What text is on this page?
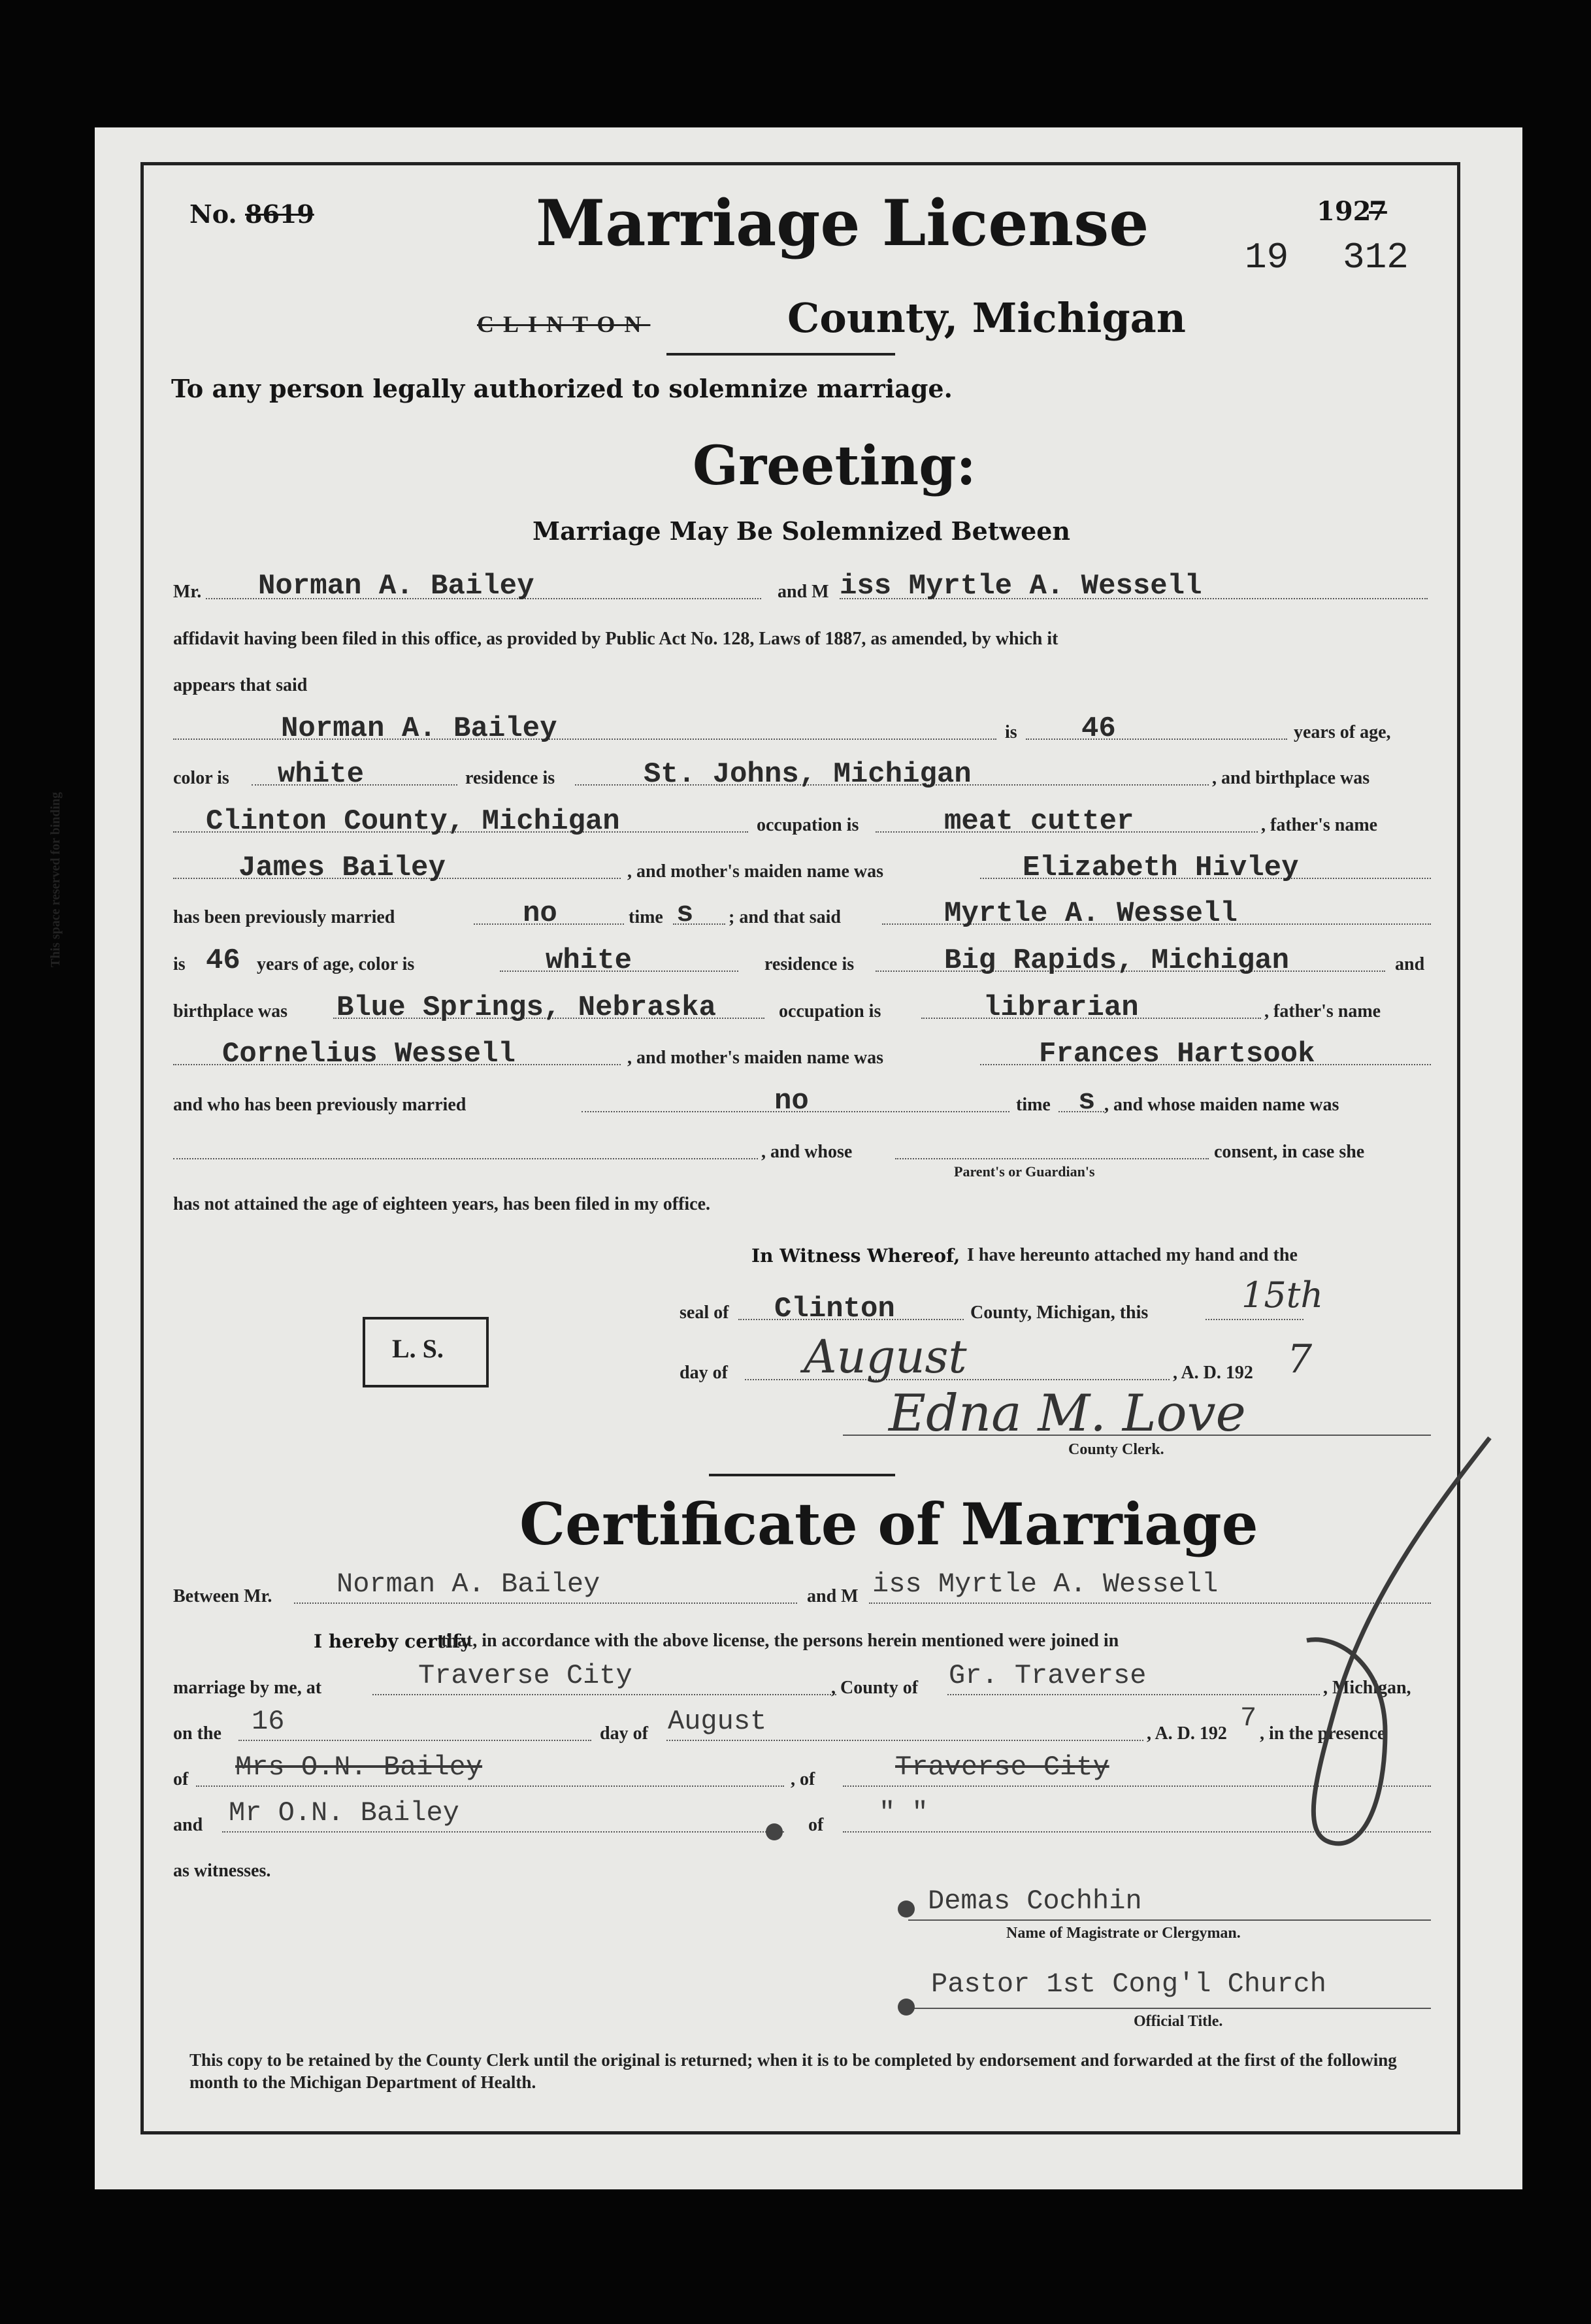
This space reserved for binding
No. 8619	Marriage License	192
7
19 312
CLINTON	County, Michigan
To any person legally authorized to solemnize marriage.
Greeting:
Marriage May Be Solemnized Between
Mr. Norman A. Bailey	and M iss Myrtle A. Wessell
affidavit having been filed in this office, as provided by Public Act No. 128, Laws of 1887, as amended, by which it
appears that said
Norman A. Bailey	is 46	years of age,
color is white	residence is	St. Johns, Michigan	, and birthplace was
Clinton County, Michigan	occupation is	meat cutter	, father's name
James Bailey	, and mother's maiden name was	Elizabeth Hivley
has been previously married	no	time s ; and that said	Myrtle A. Wessell
is 46 years of age, color is	white	residence is	Big Rapids, Michigan	and
birthplace was Blue Springs, Nebraska	occupation is	librarian	, father's name
Cornelius Wessell	, and mother's maiden name was	Frances Hartsook
and who has been previously married	no	time s , and whose maiden name was
, and whose	consent, in case she
Parent's or Guardian's
has not attained the age of eighteen years, has been filed in my office.
In Witness Whereof, I have hereunto attached my hand and the
seal of Clinton	County, Michigan, this	15th
L. S.
day of August	, A. D. 192 7
Edna M. Love
County Clerk.
Certificate of Marriage
Between Mr. Norman A. Bailey	and M iss Myrtle A. Wessell
I hereby certify
that, in accordance with the above license, the persons herein mentioned were joined in
marriage by me, at	Traverse City	, County of Gr. Traverse	, Michigan,
on the 16	day of August	, A. D. 192 7 , in the presence
of Mrs O.N. Bailey	, of	Traverse City
and Mr O.N. Bailey	of " "
as witnesses.
Demas Cochhin
Name of Magistrate or Clergyman.
Pastor 1st Cong'l Church
Official Title.
This copy to be retained by the County Clerk until the original is returned; when it is to be completed by endorsement and forwarded at the first of the following month to the Michigan Department of Health.
